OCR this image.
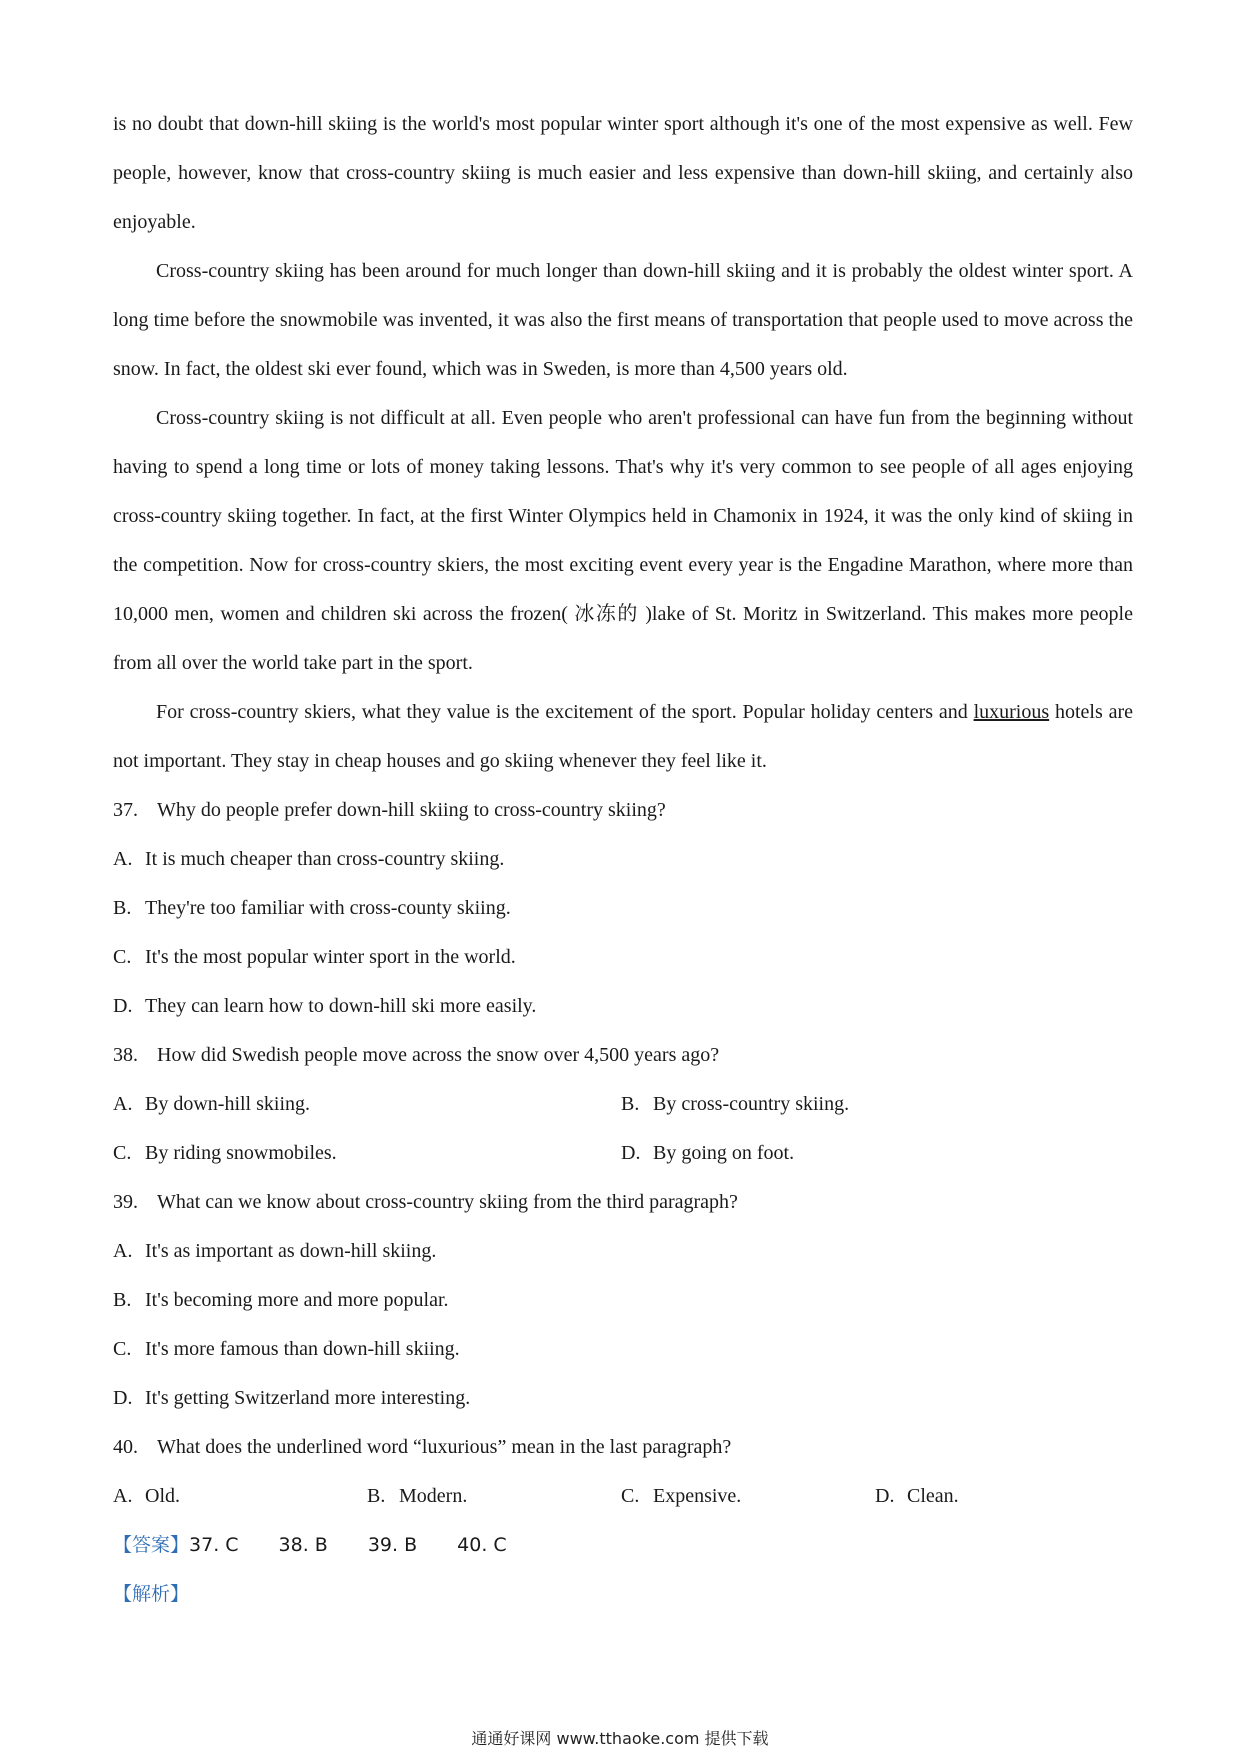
is no doubt that down-hill skiing is the world's most popular winter sport although it's one of the most expensive as well. Few people, however, know that cross-country skiing is much easier and less expensive than down-hill skiing, and certainly also enjoyable.

Cross-country skiing has been around for much longer than down-hill skiing and it is probably the oldest winter sport. A long time before the snowmobile was invented, it was also the first means of transportation that people used to move across the snow. In fact, the oldest ski ever found, which was in Sweden, is more than 4,500 years old.

Cross-country skiing is not difficult at all. Even people who aren't professional can have fun from the beginning without having to spend a long time or lots of money taking lessons. That's why it's very common to see people of all ages enjoying cross-country skiing together. In fact, at the first Winter Olympics held in Chamonix in 1924, it was the only kind of skiing in the competition. Now for cross-country skiers, the most exciting event every year is the Engadine Marathon, where more than 10,000 men, women and children ski across the frozen( 冰冻的 )lake of St. Moritz in Switzerland. This makes more people from all over the world take part in the sport.

For cross-country skiers, what they value is the excitement of the sport. Popular holiday centers and luxurious hotels are not important. They stay in cheap houses and go skiing whenever they feel like it.

37. Why do people prefer down-hill skiing to cross-country skiing?

A. It is much cheaper than cross-country skiing.

B. They're too familiar with cross-county skiing.

C. It's the most popular winter sport in the world.

D. They can learn how to down-hill ski more easily.

38. How did Swedish people move across the snow over 4,500 years ago?

A. By down-hill skiing.	B. By cross-country skiing.
C. By riding snowmobiles.	D. By going on foot.

39. What can we know about cross-country skiing from the third paragraph?

A. It's as important as down-hill skiing.

B. It's becoming more and more popular.

C. It's more famous than down-hill skiing.

D. It's getting Switzerland more interesting.

40. What does the underlined word “luxurious” mean in the last paragraph?

A. Old.	B. Modern.	C. Expensive.	D. Clean.

【答案】37. C 38. B 39. B 40. C

【解析】

通通好课网 www.tthaoke.com 提供下载
